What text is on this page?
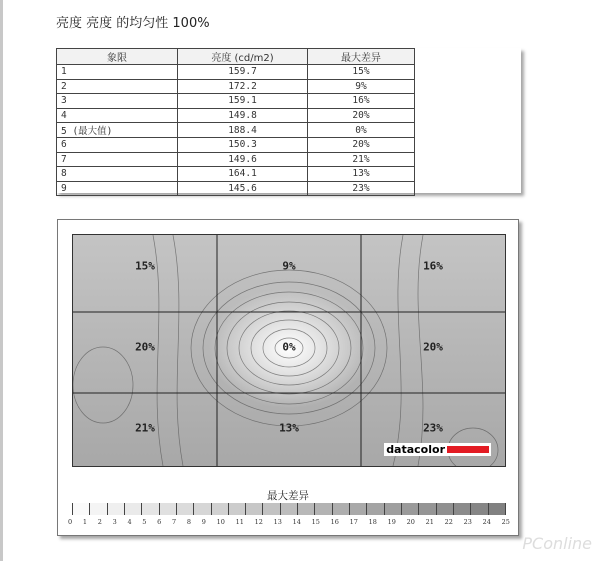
亮度 亮度 的均匀性 100%
象限	亮度 (cd/m2)	最大差异
1	159.7	15%
2	172.2	9%
3	159.1	16%
4	149.8	20%
5 (最大值)	188.4	0%
6	150.3	20%
7	149.6	21%
8	164.1	13%
9	145.6	23%
15%	9%	16%
20%	0%	20%
21%	13%	23%
datacolor
最大差异
0 1 2 3 4 5 6 7 8 9 10 11 12 13 14 15 16 17 18 19 20 21 22 23 24 25
PConline
